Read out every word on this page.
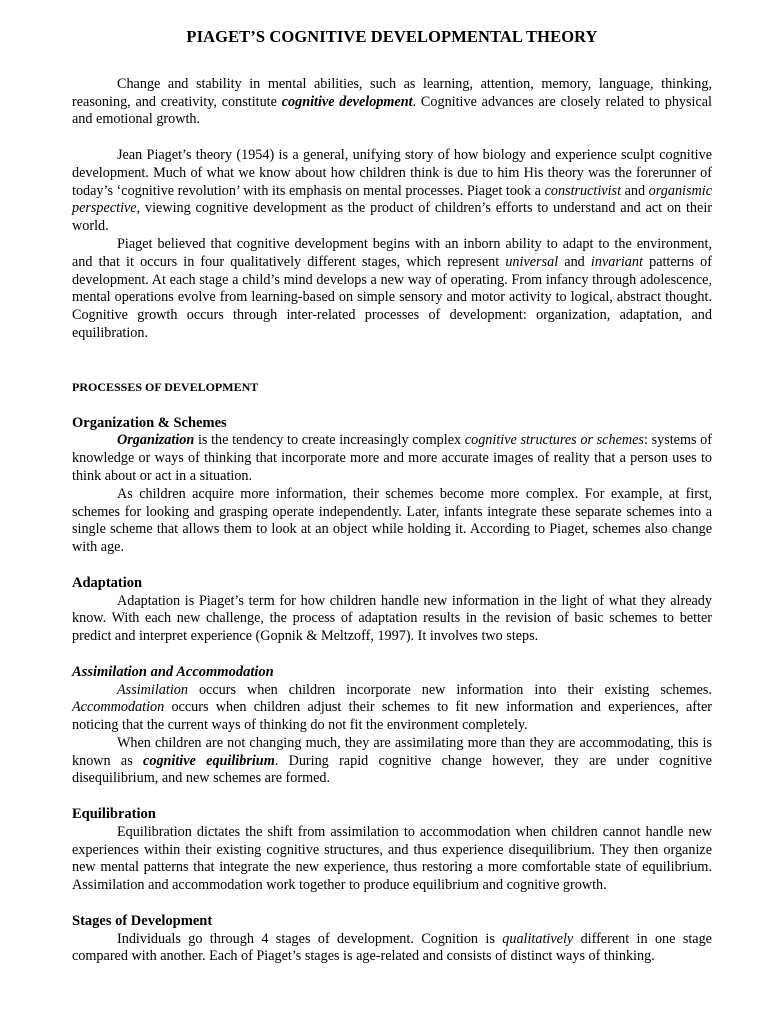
PIAGET’S COGNITIVE DEVELOPMENTAL THEORY

Change and stability in mental abilities, such as learning, attention, memory, language, thinking, reasoning, and creativity, constitute cognitive development. Cognitive advances are closely related to physical and emotional growth.

Jean Piaget’s theory (1954) is a general, unifying story of how biology and experience sculpt cognitive development. Much of what we know about how children think is due to him His theory was the forerunner of today’s ‘cognitive revolution’ with its emphasis on mental processes. Piaget took a constructivist and organismic perspective, viewing cognitive development as the product of children’s efforts to understand and act on their world.

Piaget believed that cognitive development begins with an inborn ability to adapt to the environment, and that it occurs in four qualitatively different stages, which represent universal and invariant patterns of development. At each stage a child’s mind develops a new way of operating. From infancy through adolescence, mental operations evolve from learning-based on simple sensory and motor activity to logical, abstract thought. Cognitive growth occurs through inter-related processes of development: organization, adaptation, and equilibration.

PROCESSES OF DEVELOPMENT
Organization & Schemes

Organization is the tendency to create increasingly complex cognitive structures or schemes: systems of knowledge or ways of thinking that incorporate more and more accurate images of reality that a person uses to think about or act in a situation.

As children acquire more information, their schemes become more complex. For example, at first, schemes for looking and grasping operate independently. Later, infants integrate these separate schemes into a single scheme that allows them to look at an object while holding it. According to Piaget, schemes also change with age.

Adaptation

Adaptation is Piaget’s term for how children handle new information in the light of what they already know. With each new challenge, the process of adaptation results in the revision of basic schemes to better predict and interpret experience (Gopnik & Meltzoff, 1997). It involves two steps.

Assimilation and Accommodation

Assimilation occurs when children incorporate new information into their existing schemes. Accommodation occurs when children adjust their schemes to fit new information and experiences, after noticing that the current ways of thinking do not fit the environment completely.

When children are not changing much, they are assimilating more than they are accommodating, this is known as cognitive equilibrium. During rapid cognitive change however, they are under cognitive disequilibrium, and new schemes are formed.

Equilibration

Equilibration dictates the shift from assimilation to accommodation when children cannot handle new experiences within their existing cognitive structures, and thus experience disequilibrium. They then organize new mental patterns that integrate the new experience, thus restoring a more comfortable state of equilibrium. Assimilation and accommodation work together to produce equilibrium and cognitive growth.

Stages of Development

Individuals go through 4 stages of development. Cognition is qualitatively different in one stage compared with another. Each of Piaget’s stages is age-related and consists of distinct ways of thinking.
